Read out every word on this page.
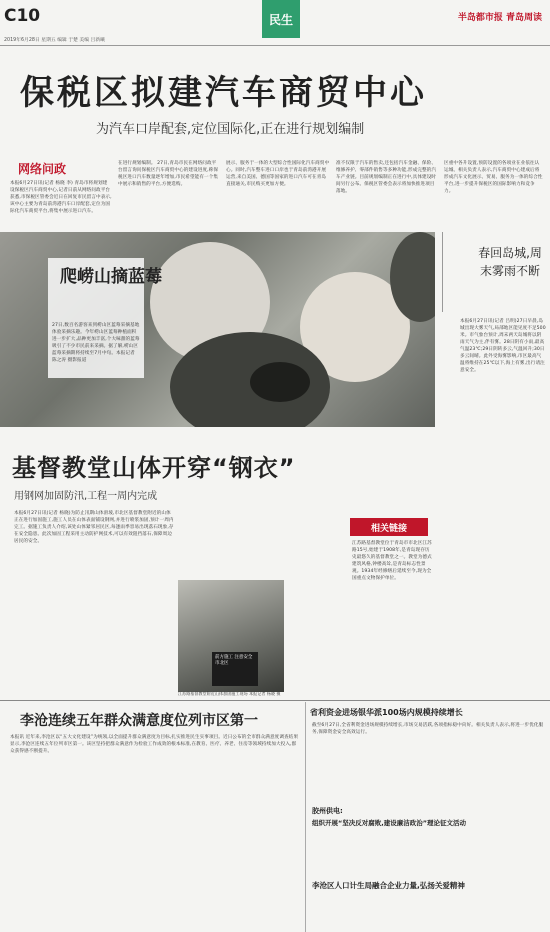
C10	民生	半岛都市报 青岛周读
2019年6月28日 星期五 编辑 于楚 美编 吕新曦
保税区拟建汽车商贸中心
为汽车口岸配套,定位国际化,正在进行规划编制
网络问政
本报6月27日讯(记者 杨晓 李) 青岛市将规划建设保税区汽车商贸中心,记者日前从网络问政平台获悉,市保税区管委会近日在回复市民留言中表示,该中心主要为青岛前湾港汽车口岸配套,定位为国际化汽车商贸平台,将集中展示进口汽车。
在进行规划编制。 27日,青岛市民在网络问政平台留言询问保税区汽车商贸中心的建设进度,称保税区进口汽车数量逐年增加,市民希望能有一个集中展示和销售的平台,方便选购。
展示、服务于一体的大型综合性国际化汽车商贸中心。同时,汽车整车进口口岸也于青岛前湾港开展运营,来自美国、德国等国家的进口汽车可在青岛直接通关,市民购买更加方便。
准不仅限于汽车的售卖,还包括汽车金融、保险、维修养护、零部件销售等多种功能,形成完整的汽车产业链。目前规划编制正在进行中,具体建设时间另行公布。保税区管委会表示将加快推进项目落地。
区重中各升设置,预防设置的各项业在业依往认运城、相关负责人表示,汽车商贸中心建成后将形成汽车文化展示、贸易、服务为一体的综合性平台,进一步提升保税区的国际影响力和竞争力。
爬崂山摘蓝莓
27日,数百名游客来到崂山区蓝莓采摘基地体验采摘乐趣。今年崂山区蓝莓种植面积进一步扩大,品种更加丰富,个大味甜的蓝莓吸引了不少市民前来采摘。据了解,崂山区蓝莓采摘期将持续至7月中旬。本报记者 陈之涛 摄影报道
春回岛城,周末雾雨不断
本报6月27日讯(记者 吕明)27日早晨,岛城出现大雾天气,局部地区能见度不足500米。市气象台预计,周末两天岛城将以阴雨天气为主,伴有雾。28日阴有小雨,最高气温23℃;29日阴转多云,气温回升;30日多云间晴。此外受海雾影响,市区最高气温将维持在25℃以下,海上有雾,出行请注意安全。
基督教堂山体开穿“钢衣”
用钢网加固防汛,工程一周内完成
本报6月27日讯(记者 杨晓)为防止汛期山体滑坡,市北区基督教堂附近的山体正在进行加固施工,施工人员在山体表面铺设钢网,并进行喷浆加固,预计一周内完工。据施工负责人介绍,该处山体紧邻居民区,每逢雨季容易出现落石现象,存在安全隐患。此次加固工程采用主动防护网技术,可以有效阻挡落石,保障周边居民的安全。
前方施工 注意安全 市北区
江苏路基督教堂附近山体加固施工现场 本报记者 杨晓 摄
相关链接
江苏路基督教堂位于青岛市市北区江苏路15号,始建于1908年,是青岛现存历史最悠久的基督教堂之一。教堂为德式建筑风格,钟楼高耸,是青岛标志性景观。1934年经修缮后延续至今,现为全国重点文物保护单位。
李沧连续五年群众满意度位列市区第一
本报讯 近年来,李沧区以“五大文化建设”为统领,以全面提升群众满意度为目标,扎实推进民生实事项目。近日公布的全市群众满意度调查结果显示,李沧区连续五年位列市区第一。该区坚持把群众满意作为检验工作成效的根本标准,在教育、医疗、养老、住房等领域持续加大投入,群众获得感不断提升。
省利资金进场银华派100场内规模持续增长
截至6月27日,全省利资金进场规模持续增长,市场交易活跃,各项指标稳中向好。相关负责人表示,将进一步优化服务,保障资金安全高效运行。
胶州供电:
组织开展“坚决反对腐败,建设廉洁政治”理论征文活动
李沧区人口计生局融合企业力量,弘扬关爱精神
